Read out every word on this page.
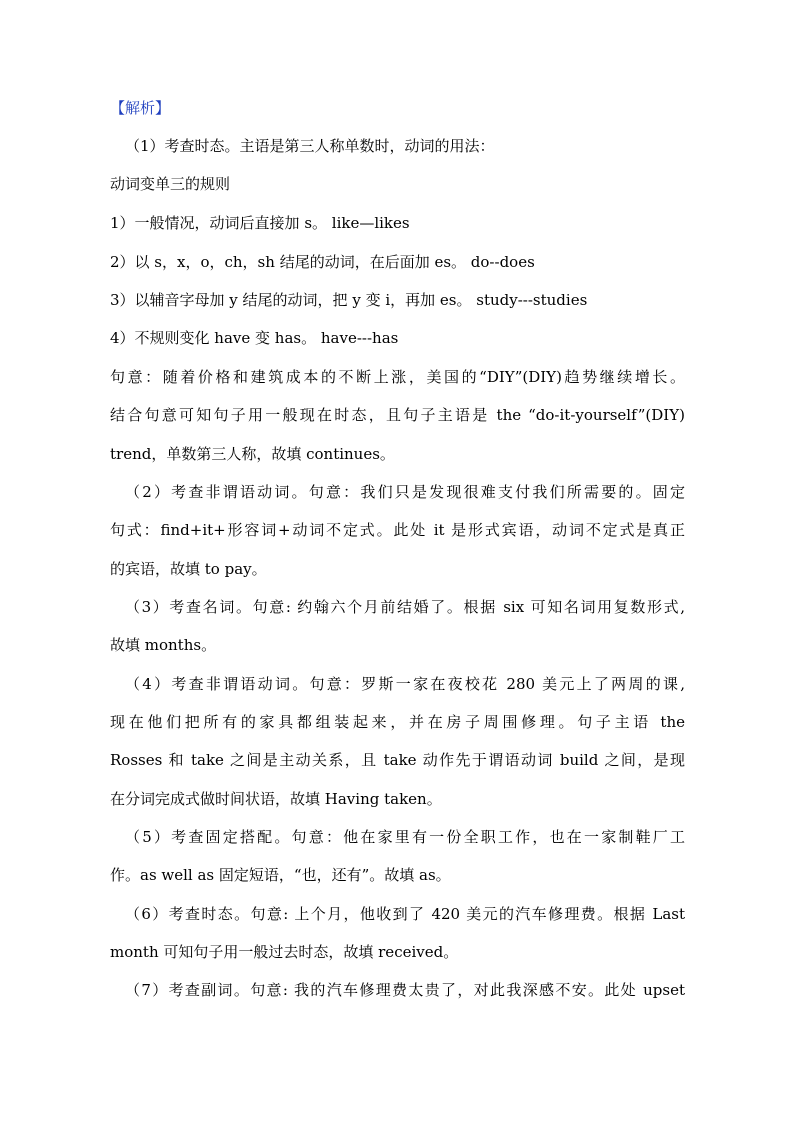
【解析】
（1）考查时态。主语是第三人称单数时，动词的用法：
动词变单三的规则
1）一般情况，动词后直接加 s。 like—likes
2）以 s，x，o，ch，sh 结尾的动词，在后面加 es。 do--does
3）以辅音字母加 y 结尾的动词，把 y 变 i，再加 es。 study---studies
4）不规则变化 have 变 has。 have---has
句意：随着价格和建筑成本的不断上涨，美国的“DIY”(DIY)趋势继续增长。
结合句意可知句子用一般现在时态，且句子主语是 the “do-it-yourself”(DIY)
trend，单数第三人称，故填 continues。
（2）考查非谓语动词。句意：我们只是发现很难支付我们所需要的。固定
句式：find+it+形容词+动词不定式。此处 it 是形式宾语，动词不定式是真正
的宾语，故填 to pay。
（3）考查名词。句意: 约翰六个月前结婚了。根据 six 可知名词用复数形式,
故填 months。
（4）考查非谓语动词。句意：罗斯一家在夜校花 280 美元上了两周的课,
现在他们把所有的家具都组装起来，并在房子周围修理。句子主语 the
Rosses 和 take 之间是主动关系，且 take 动作先于谓语动词 build 之间，是现
在分词完成式做时间状语，故填 Having taken。
（5）考查固定搭配。句意：他在家里有一份全职工作，也在一家制鞋厂工
作。as well as 固定短语，“也，还有”。故填 as。
（6）考查时态。句意: 上个月，他收到了 420 美元的汽车修理费。根据 Last
month 可知句子用一般过去时态，故填 received。
（7）考查副词。句意: 我的汽车修理费太贵了，对此我深感不安。此处 upset
